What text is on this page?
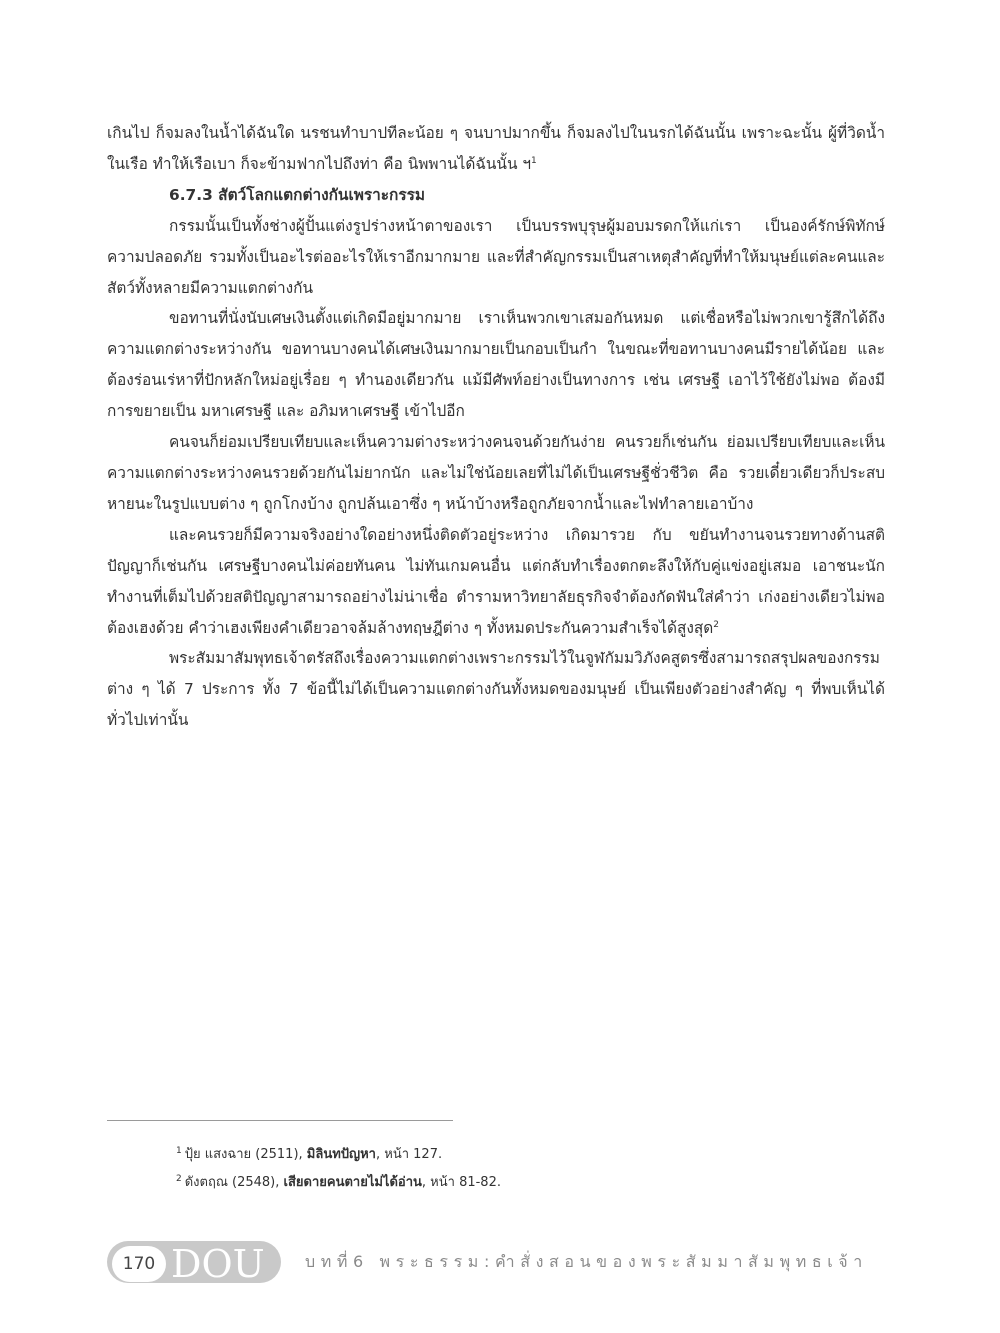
เกินไป ก็จมลงในน้ำได้ฉันใด นรชนทำบาปทีละน้อย ๆ จนบาปมากขึ้น ก็จมลงไปในนรกได้ฉันนั้น เพราะฉะนั้น ผู้ที่วิดน้ำในเรือ ทำให้เรือเบา ก็จะข้ามฟากไปถึงท่า คือ นิพพานได้ฉันนั้น ฯ$^1$

6.7.3 สัตว์โลกแตกต่างกันเพราะกรรม

กรรมนั้นเป็นทั้งช่างผู้ปั้นแต่งรูปร่างหน้าตาของเรา เป็นบรรพบุรุษผู้มอบมรดกให้แก่เรา เป็นองค์รักษ์พิทักษ์ความปลอดภัย รวมทั้งเป็นอะไรต่ออะไรให้เราอีกมากมาย และที่สำคัญกรรมเป็นสาเหตุสำคัญที่ทำให้มนุษย์แต่ละคนและสัตว์ทั้งหลายมีความแตกต่างกัน

ขอทานที่นั่งนับเศษเงินตั้งแต่เกิดมีอยู่มากมาย เราเห็นพวกเขาเสมอกันหมด แต่เชื่อหรือไม่พวกเขารู้สึกได้ถึงความแตกต่างระหว่างกัน ขอทานบางคนได้เศษเงินมากมายเป็นกอบเป็นกำ ในขณะที่ขอทานบางคนมีรายได้น้อย และต้องร่อนเร่หาที่ปักหลักใหม่อยู่เรื่อย ๆ ทำนองเดียวกัน แม้มีศัพท์อย่างเป็นทางการ เช่น เศรษฐี เอาไว้ใช้ยังไม่พอ ต้องมีการขยายเป็น มหาเศรษฐี และ อภิมหาเศรษฐี เข้าไปอีก

คนจนก็ย่อมเปรียบเทียบและเห็นความต่างระหว่างคนจนด้วยกันง่าย คนรวยก็เช่นกัน ย่อมเปรียบเทียบและเห็นความแตกต่างระหว่างคนรวยด้วยกันไม่ยากนัก และไม่ใช่น้อยเลยที่ไม่ได้เป็นเศรษฐีชั่วชีวิต คือ รวยเดี๋ยวเดียวก็ประสบหายนะในรูปแบบต่าง ๆ ถูกโกงบ้าง ถูกปล้นเอาซึ่ง ๆ หน้าบ้างหรือถูกภัยจากน้ำและไฟทำลายเอาบ้าง

และคนรวยก็มีความจริงอย่างใดอย่างหนึ่งติดตัวอยู่ระหว่าง เกิดมารวย กับ ขยันทำงานจนรวยทางด้านสติปัญญาก็เช่นกัน เศรษฐีบางคนไม่ค่อยทันคน ไม่ทันเกมคนอื่น แต่กลับทำเรื่องตกตะลึงให้กับคู่แข่งอยู่เสมอ เอาชนะนักทำงานที่เต็มไปด้วยสติปัญญาสามารถอย่างไม่น่าเชื่อ ตำรามหาวิทยาลัยธุรกิจจำต้องกัดฟันใส่คำว่า เก่งอย่างเดียวไม่พอ ต้องเฮงด้วย คำว่าเฮงเพียงคำเดียวอาจล้มล้างทฤษฎีต่าง ๆ ทั้งหมดประกันความสำเร็จได้สูงสุด$^2$

พระสัมมาสัมพุทธเจ้าตรัสถึงเรื่องความแตกต่างเพราะกรรมไว้ในจูฬกัมมวิภังคสูตรซึ่งสามารถสรุปผลของกรรมต่าง ๆ ได้ 7 ประการ ทั้ง 7 ข้อนี้ไม่ได้เป็นความแตกต่างกันทั้งหมดของมนุษย์ เป็นเพียงตัวอย่างสำคัญ ๆ ที่พบเห็นได้ทั่วไปเท่านั้น

$^1$ ปุ้ย แสงฉาย (2511), มิลินทปัญหา, หน้า 127.

$^2$ ดังตฤณ (2548), เสียดายคนตายไม่ได้อ่าน, หน้า 81-82.

170 DOU	บทที่6 พระธรรม:คำสั่งสอนของพระสัมมาสัมพุทธเจ้า
